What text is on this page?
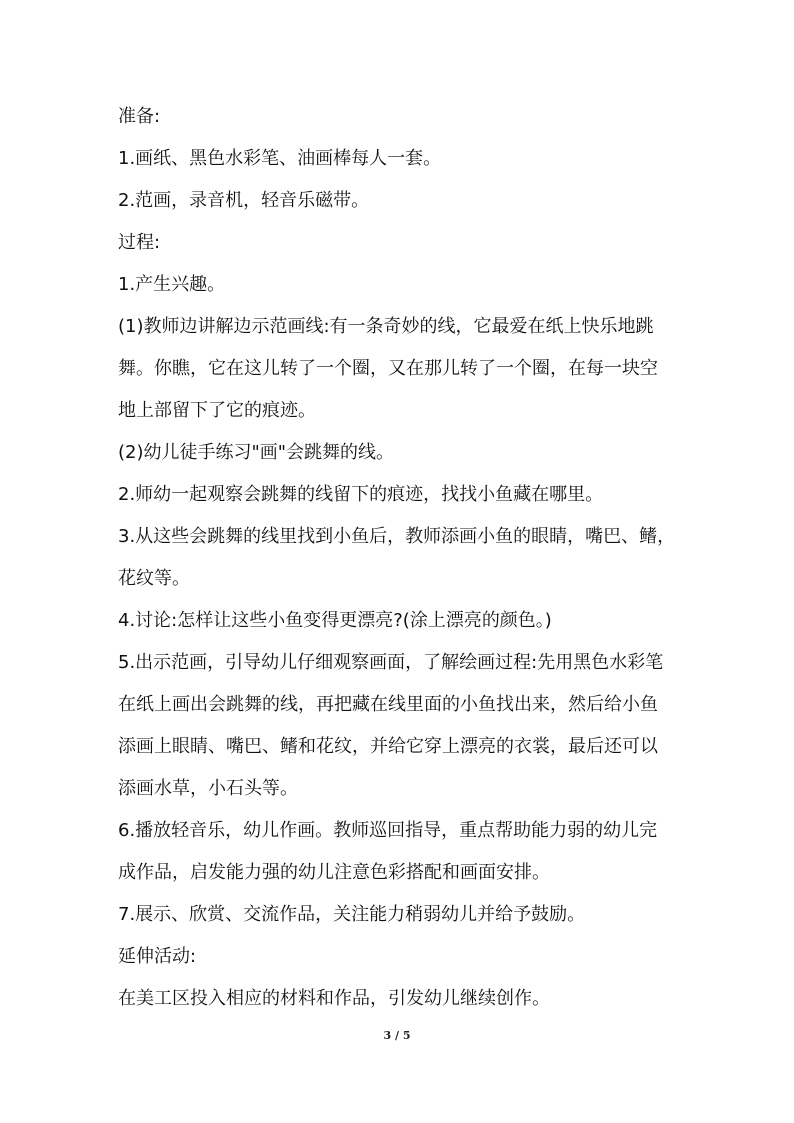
准备:
1.画纸、黑色水彩笔、油画棒每人一套。
2.范画，录音机，轻音乐磁带。
过程:
1.产生兴趣。
(1)教师边讲解边示范画线:有一条奇妙的线，它最爱在纸上快乐地跳
舞。你瞧，它在这儿转了一个圈，又在那儿转了一个圈，在每一块空
地上部留下了它的痕迹。
(2)幼儿徒手练习"画"会跳舞的线。
2.师幼一起观察会跳舞的线留下的痕迹，找找小鱼藏在哪里。
3.从这些会跳舞的线里找到小鱼后，教师添画小鱼的眼睛，嘴巴、鳍，
花纹等。
4.讨论:怎样让这些小鱼变得更漂亮?(涂上漂亮的颜色。)
5.出示范画，引导幼儿仔细观察画面，了解绘画过程:先用黑色水彩笔
在纸上画出会跳舞的线，再把藏在线里面的小鱼找出来，然后给小鱼
添画上眼睛、嘴巴、鳍和花纹，并给它穿上漂亮的衣裳，最后还可以
添画水草，小石头等。
6.播放轻音乐，幼儿作画。教师巡回指导，重点帮助能力弱的幼儿完
成作品，启发能力强的幼儿注意色彩搭配和画面安排。
7.展示、欣赏、交流作品，关注能力稍弱幼儿并给予鼓励。
延伸活动:
在美工区投入相应的材料和作品，引发幼儿继续创作。
3 / 5
